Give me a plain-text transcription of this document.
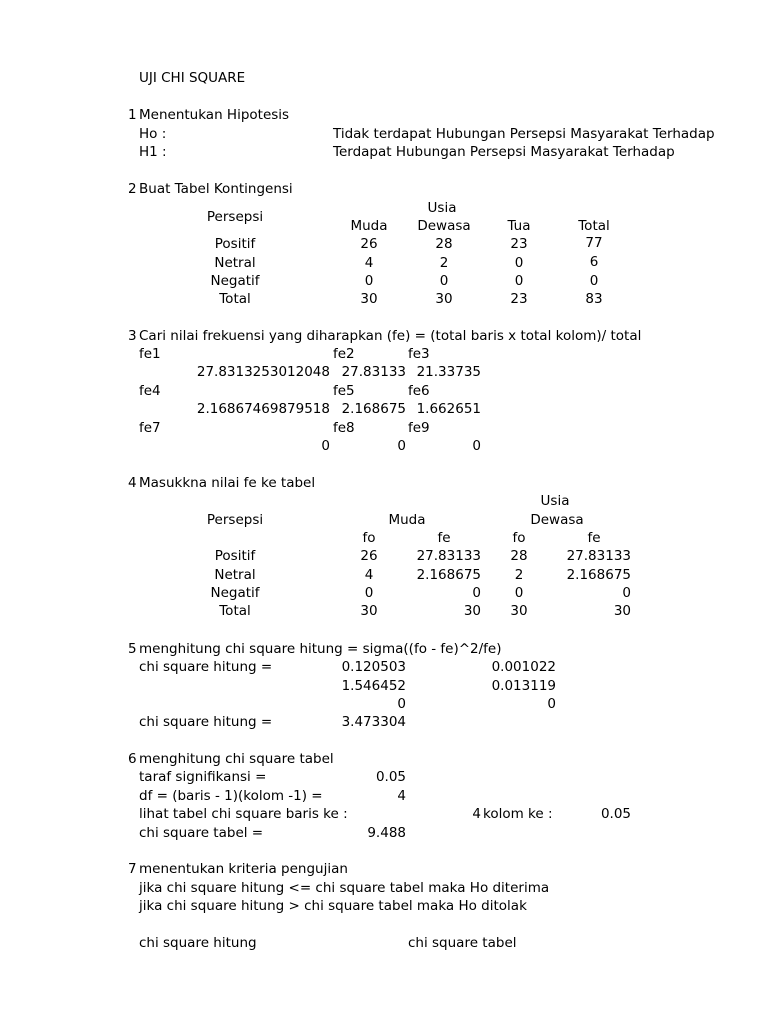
UJI CHI SQUARE
1 Menentukan Hipotesis
Ho :	Tidak terdapat Hubungan Persepsi Masyarakat Terhadap
H1 :	Terdapat Hubungan Persepsi Masyarakat Terhadap
2 Buat Tabel Kontingensi
Persepsi
Usia
Muda Dewasa	Tua	Total
Positif	26	28	23	77
Netral	4	2	0	6
Negatif	0	0	0	0
Total	30	30	23	83
3 Cari nilai frekuensi yang diharapkan (fe) = (total baris x total kolom)/ total
fe1	fe2	fe3
27.8313253012048 27.83133 21.33735
fe4	fe5	fe6
2.16867469879518 2.168675 1.662651
fe7	fe8	fe9
0	0	0
4 Masukkna nilai fe ke tabel
Usia
Persepsi	Muda	Dewasa
fo	fe	fo	fe
Positif	26	27.83133 28	27.83133
Netral	4	2.168675 2	2.168675
Negatif	0	0 0	0
Total	30	30 30	30
5 menghitung chi square hitung = sigma((fo - fe)^2/fe)
chi square hitung =	0.120503	0.001022
1.546452	0.013119
0	0
chi square hitung =	3.473304
6 menghitung chi square tabel
taraf signifikansi =	0.05
df = (baris - 1)(kolom -1) =	4
lihat tabel chi square baris ke :	4 kolom ke :	0.05
chi square tabel =	9.488
7 menentukan kriteria pengujian
jika chi square hitung <= chi square tabel maka Ho diterima
jika chi square hitung > chi square tabel maka Ho ditolak
chi square hitung	chi square tabel
